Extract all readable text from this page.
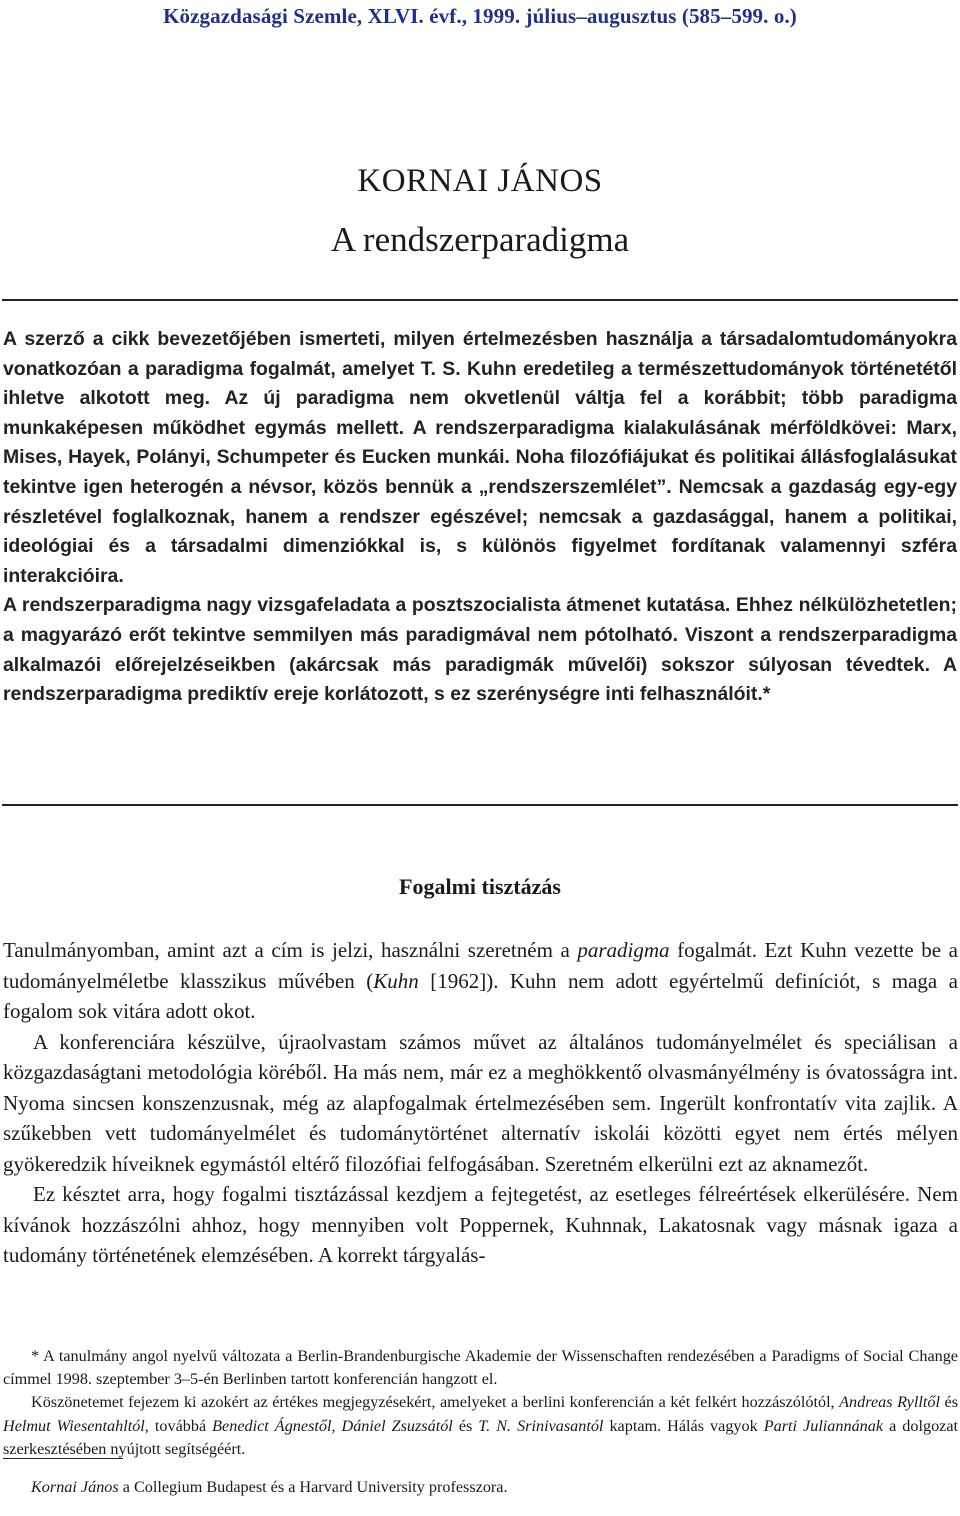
Közgazdasági Szemle, XLVI. évf., 1999. július–augusztus (585–599. o.)
KORNAI JÁNOS
A rendszerparadigma

A szerző a cikk bevezetőjében ismerteti, milyen értelmezésben használja a társadalomtudományokra vonatkozóan a paradigma fogalmát, amelyet T. S. Kuhn eredetileg a természettudományok történetétől ihletve alkotott meg. Az új paradigma nem okvetlenül váltja fel a korábbit; több paradigma munkaképesen működhet egymás mellett. A rendszerparadigma kialakulásának mérföldkövei: Marx, Mises, Hayek, Polányi, Schumpeter és Eucken munkái. Noha filozófiájukat és politikai állásfoglalásukat tekintve igen heterogén a névsor, közös bennük a „rendszerszemlélet”. Nemcsak a gazdaság egy-egy részletével foglalkoznak, hanem a rendszer egészével; nemcsak a gazdasággal, hanem a politikai, ideológiai és a társadalmi dimenziókkal is, s különös figyelmet fordítanak valamennyi szféra interakcióira.

A rendszerparadigma nagy vizsgafeladata a posztszocialista átmenet kutatása. Ehhez nélkülözhetetlen; a magyarázó erőt tekintve semmilyen más paradigmával nem pótolható. Viszont a rendszerparadigma alkalmazói előrejelzéseikben (akárcsak más paradigmák művelői) sokszor súlyosan tévedtek. A rendszerparadigma prediktív ereje korlátozott, s ez szerénységre inti felhasználóit.*

Fogalmi tisztázás

Tanulmányomban, amint azt a cím is jelzi, használni szeretném a paradigma fogalmát. Ezt Kuhn vezette be a tudományelméletbe klasszikus művében (Kuhn [1962]). Kuhn nem adott egyértelmű definíciót, s maga a fogalom sok vitára adott okot.

A konferenciára készülve, újraolvastam számos művet az általános tudományelmélet és speciálisan a közgazdaságtani metodológia köréből. Ha más nem, már ez a meghökkentő olvasmányélmény is óvatosságra int. Nyoma sincsen konszenzusnak, még az alapfogalmak értelmezésében sem. Ingerült konfrontatív vita zajlik. A szűkebben vett tudományelmélet és tudománytörténet alternatív iskolái közötti egyet nem értés mélyen gyökeredzik híveiknek egymástól eltérő filozófiai felfogásában. Szeretném elkerülni ezt az aknamezőt.

Ez késztet arra, hogy fogalmi tisztázással kezdjem a fejtegetést, az esetleges félreértések elkerülésére. Nem kívánok hozzászólni ahhoz, hogy mennyiben volt Poppernek, Kuhnnak, Lakatosnak vagy másnak igaza a tudomány történetének elemzésében. A korrekt tárgyalás-

* A tanulmány angol nyelvű változata a Berlin-Brandenburgische Akademie der Wissenschaften rendezésében a Paradigms of Social Change címmel 1998. szeptember 3–5-én Berlinben tartott konferencián hangzott el.

Köszönetemet fejezem ki azokért az értékes megjegyzésekért, amelyeket a berlini konferencián a két felkért hozzászólótól, Andreas Rylltől és Helmut Wiesentahltól, továbbá Benedict Ágnestől, Dániel Zsuzsától és T. N. Srinivasantól kaptam. Hálás vagyok Parti Juliannának a dolgozat szerkesztésében nyújtott segítségéért.

Kornai János a Collegium Budapest és a Harvard University professzora.
